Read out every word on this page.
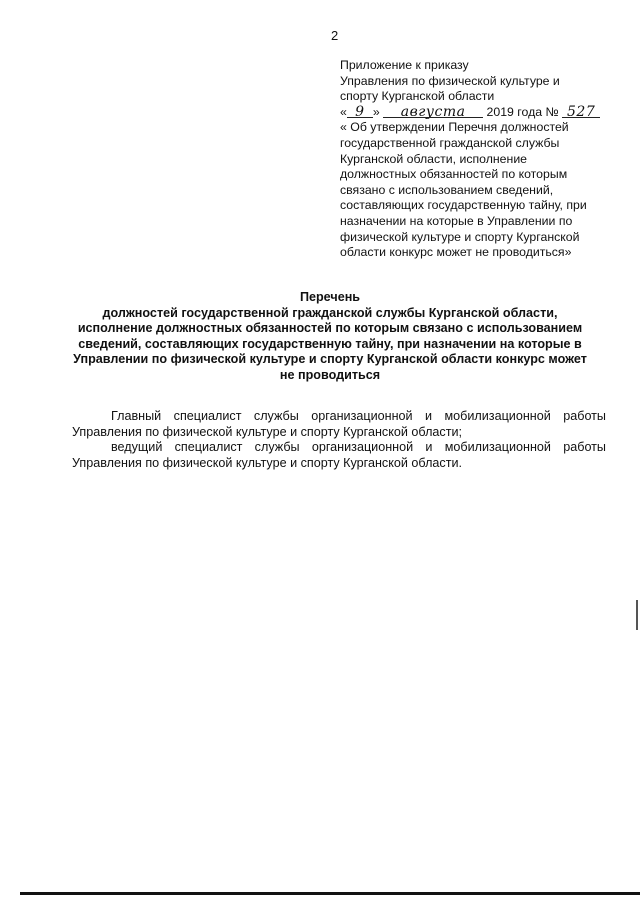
2

Приложение к приказу

Управления по физической культуре и

спорту Курганской области

« 9 » августа 2019 года № 527

« Об утверждении Перечня должностей

государственной гражданской службы

Курганской области, исполнение

должностных обязанностей по которым

связано с использованием сведений,

составляющих государственную тайну, при

назначении на которые в Управлении по

физической культуре и спорту Курганской

области конкурс может не проводиться»

Перечень

должностей государственной гражданской службы Курганской области,

исполнение должностных обязанностей по которым связано с использованием

сведений, составляющих государственную тайну, при назначении на которые в

Управлении по физической культуре и спорту Курганской области конкурс может

не проводиться

Главный специалист службы организационной и мобилизационной работы Управления по физической культуре и спорту Курганской области;

ведущий специалист службы организационной и мобилизационной работы Управления по физической культуре и спорту Курганской области.
